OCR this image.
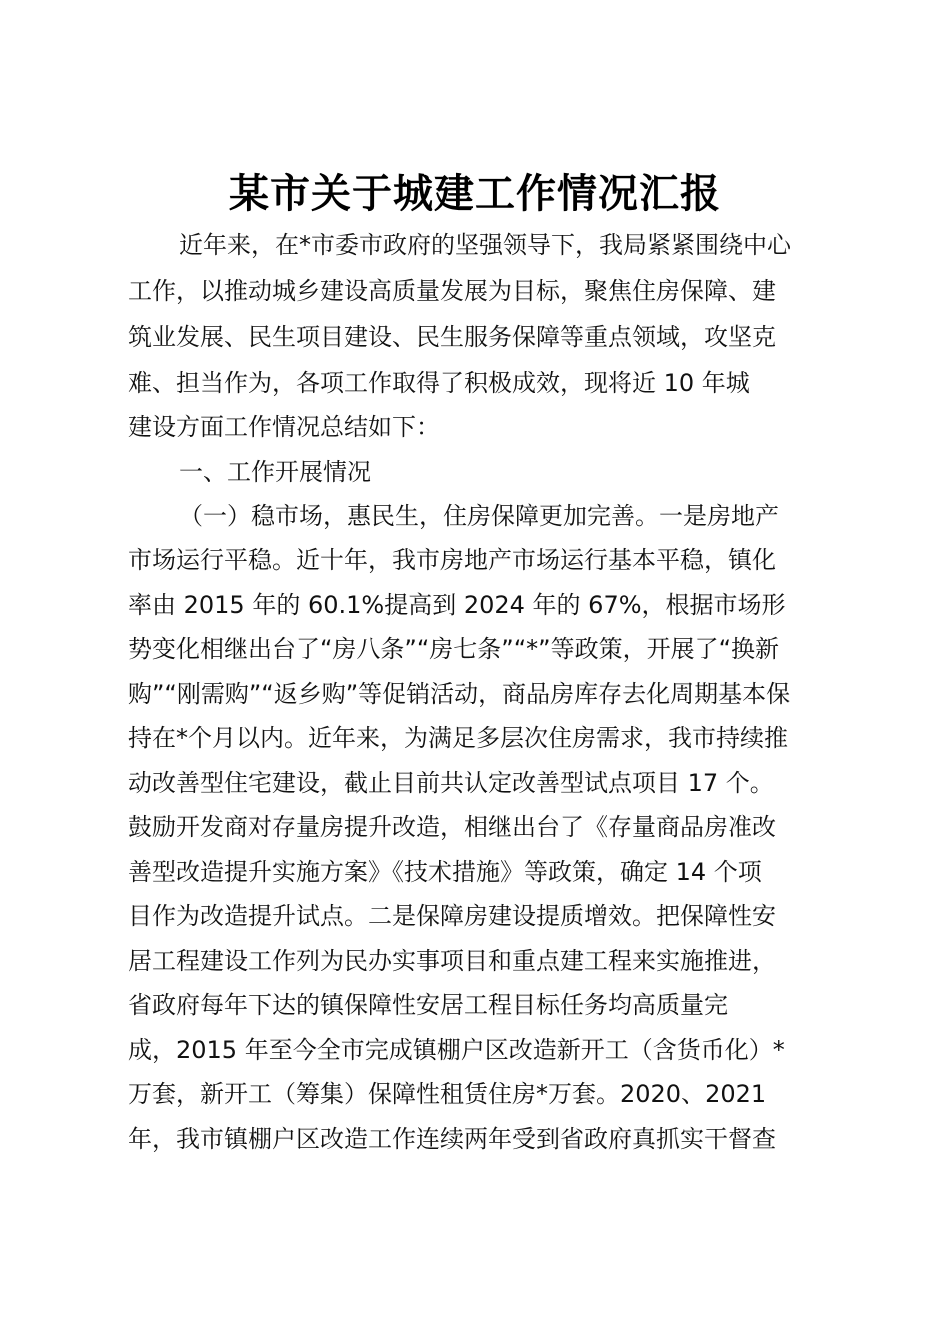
某市关于城建工作情况汇报
近年来，在*市委市政府的坚强领导下，我局紧紧围绕中心
工作，以推动城乡建设高质量发展为目标，聚焦住房保障、建
筑业发展、民生项目建设、民生服务保障等重点领域，攻坚克
难、担当作为，各项工作取得了积极成效，现将近 10 年城
建设方面工作情况总结如下：
一、工作开展情况
（一）稳市场，惠民生，住房保障更加完善。一是房地产
市场运行平稳。近十年，我市房地产市场运行基本平稳，镇化
率由 2015 年的 60.1%提高到 2024 年的 67%，根据市场形
势变化相继出台了“房八条”“房七条”“*”等政策，开展了“换新
购”“刚需购”“返乡购”等促销活动，商品房库存去化周期基本保
持在*个月以内。近年来，为满足多层次住房需求，我市持续推
动改善型住宅建设，截止目前共认定改善型试点项目 17 个。
鼓励开发商对存量房提升改造，相继出台了《存量商品房准改
善型改造提升实施方案》《技术措施》等政策，确定 14 个项
目作为改造提升试点。二是保障房建设提质增效。把保障性安
居工程建设工作列为民办实事项目和重点建工程来实施推进，
省政府每年下达的镇保障性安居工程目标任务均高质量完
成，2015 年至今全市完成镇棚户区改造新开工（含货币化）*
万套，新开工（筹集）保障性租赁住房*万套。2020、2021
年，我市镇棚户区改造工作连续两年受到省政府真抓实干督查
